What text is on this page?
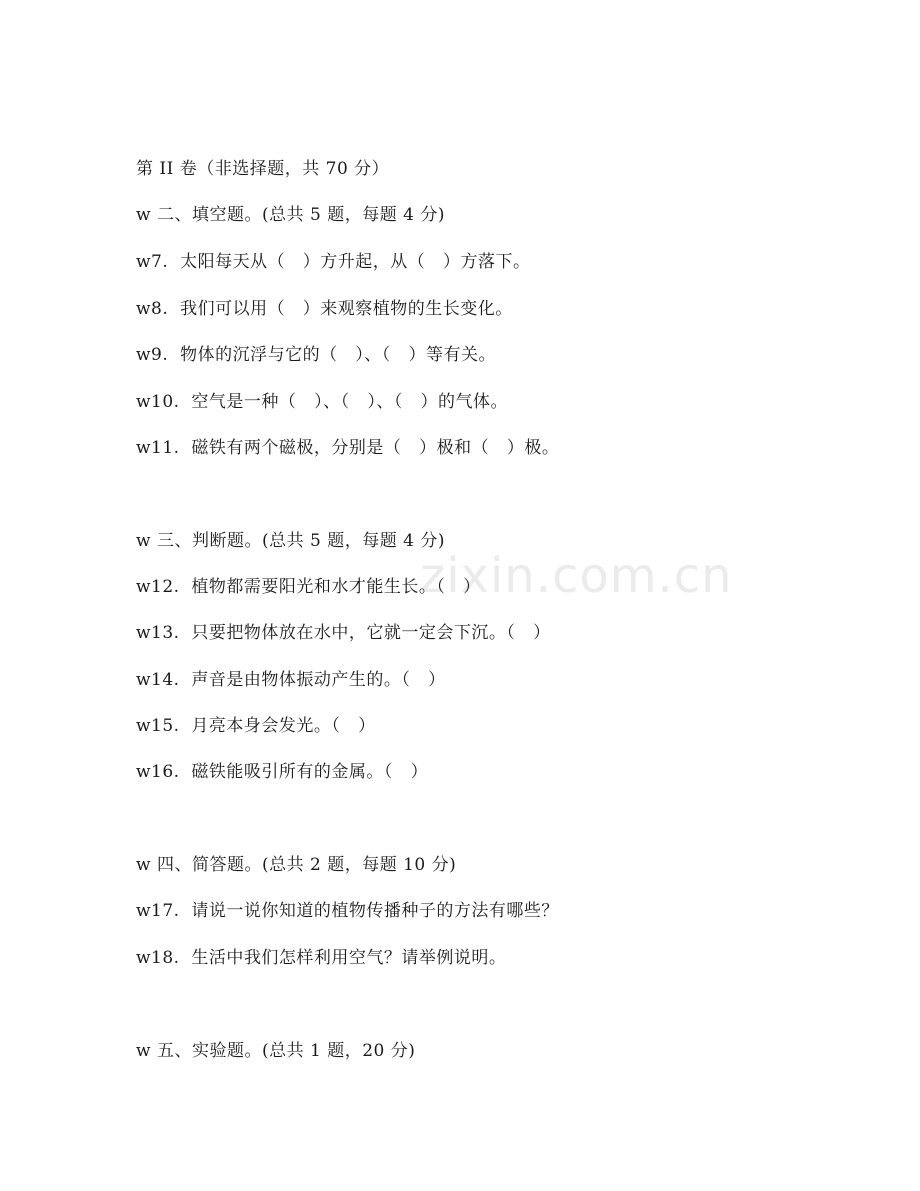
zixin.com.cn
第 II 卷（非选择题，共 70 分）
w 二、填空题。(总共 5 题，每题 4 分)
w7.  太阳每天从（   ）方升起，从（   ）方落下。
w8.  我们可以用（   ）来观察植物的生长变化。
w9.  物体的沉浮与它的（   ）、（   ）等有关。
w10.  空气是一种（   ）、（   ）、（   ）的气体。
w11.  磁铁有两个磁极，分别是（   ）极和（   ）极。
w 三、判断题。(总共 5 题，每题 4 分)
w12.  植物都需要阳光和水才能生长。（   ）
w13.  只要把物体放在水中，它就一定会下沉。（   ）
w14.  声音是由物体振动产生的。（   ）
w15.  月亮本身会发光。（   ）
w16.  磁铁能吸引所有的金属。（   ）
w 四、简答题。(总共 2 题，每题 10 分)
w17.  请说一说你知道的植物传播种子的方法有哪些？
w18.  生活中我们怎样利用空气？请举例说明。
w 五、实验题。(总共 1 题，20 分)
